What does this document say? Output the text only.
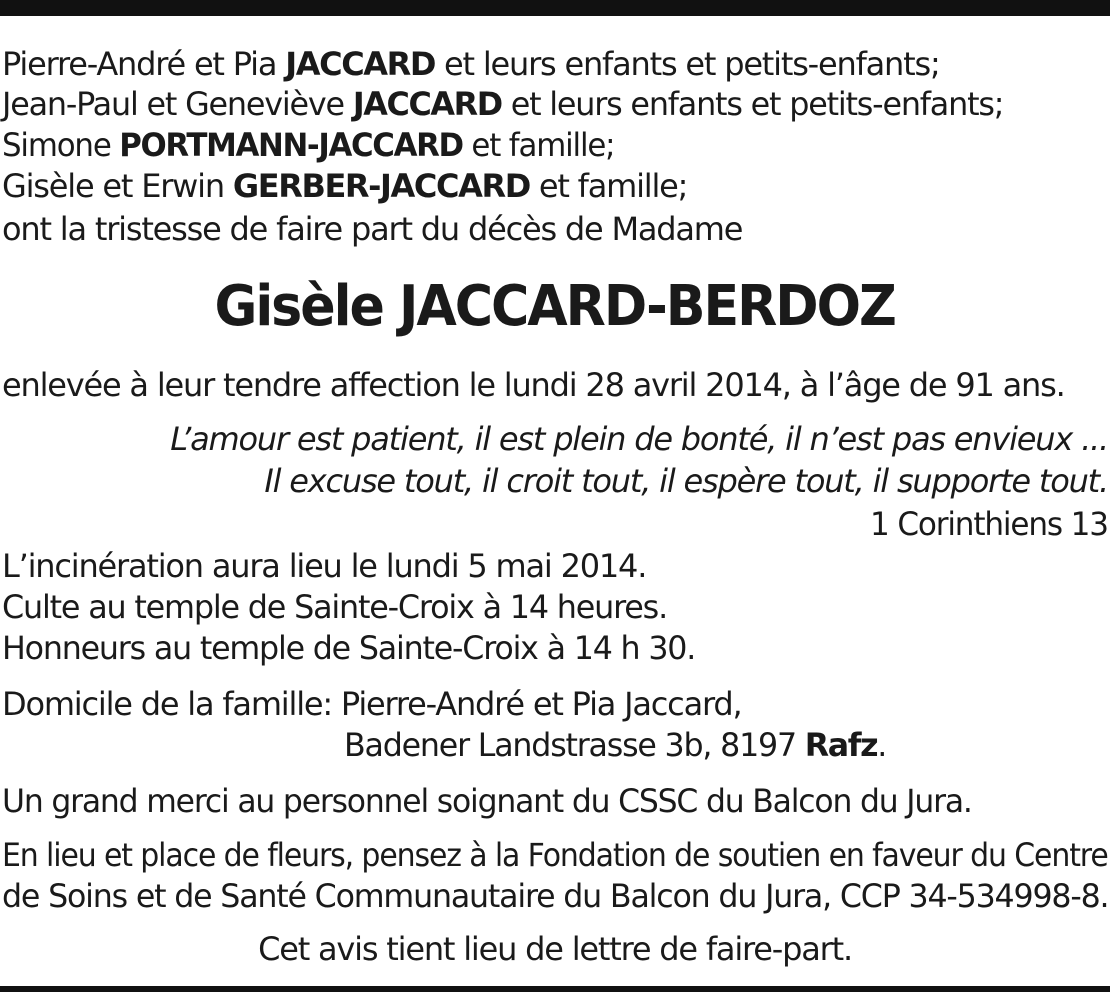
Pierre-André et Pia JACCARD et leurs enfants et petits-enfants;
Jean-Paul et Geneviève JACCARD et leurs enfants et petits-enfants;
Simone PORTMANN-JACCARD et famille;
Gisèle et Erwin GERBER-JACCARD et famille;
ont la tristesse de faire part du décès de Madame
Gisèle JACCARD-BERDOZ
enlevée à leur tendre affection le lundi 28 avril 2014, à l’âge de 91 ans.
L’amour est patient, il est plein de bonté, il n’est pas envieux ...
Il excuse tout, il croit tout, il espère tout, il supporte tout.
1 Corinthiens 13
L’incinération aura lieu le lundi 5 mai 2014.
Culte au temple de Sainte-Croix à 14 heures.
Honneurs au temple de Sainte-Croix à 14 h 30.
Domicile de la famille: Pierre-André et Pia Jaccard,
Badener Landstrasse 3b, 8197 Rafz.
Un grand merci au personnel soignant du CSSC du Balcon du Jura.
En lieu et place de fleurs, pensez à la Fondation de soutien en faveur du Centre
de Soins et de Santé Communautaire du Balcon du Jura, CCP 34-534998-8.
Cet avis tient lieu de lettre de faire-part.
